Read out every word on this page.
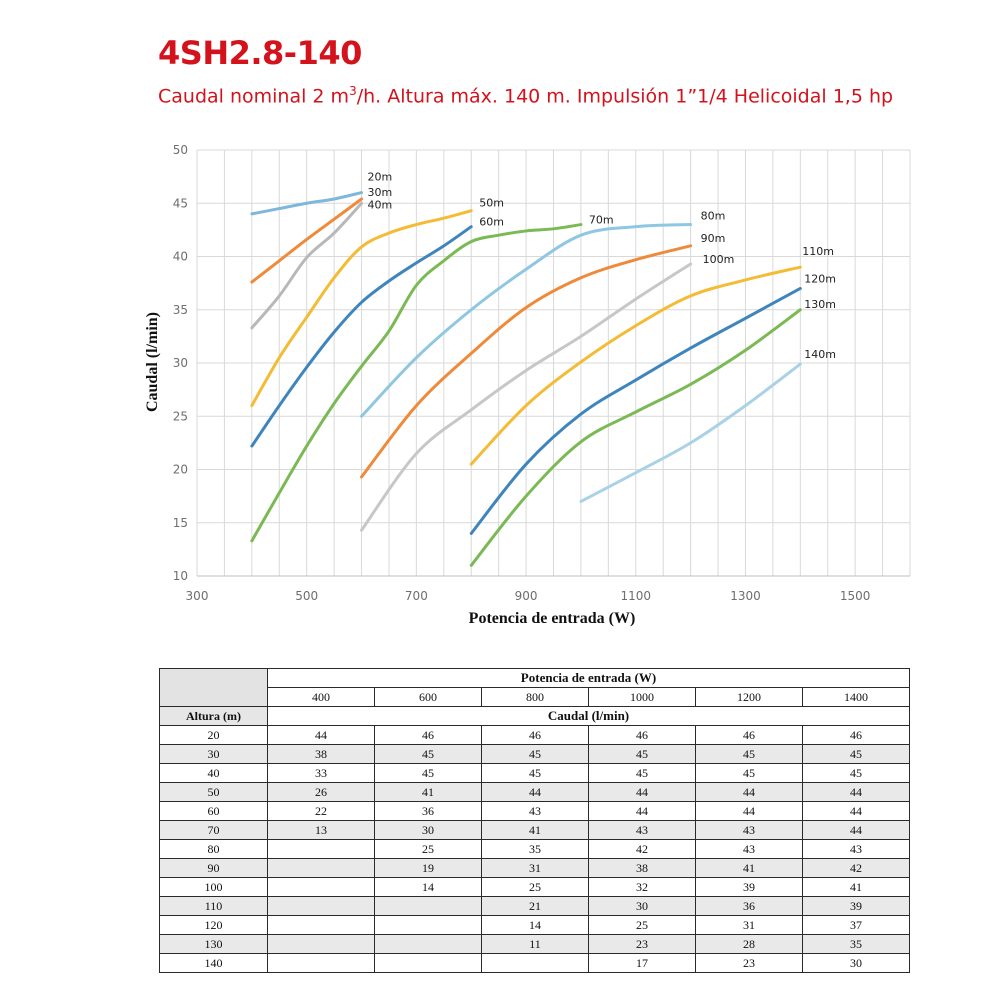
4SH2.8-140
Caudal nominal 2 $m^3/h$. Altura máx. 140 m. Impulsión 1”1/4 Helicoidal 1,5 hp
Potencia de entrada (W)
Caudal (l/min)
300	500	700	900	1100	1300	1500
10
15
20
25
30
35
40
45
50
20m
30m
40m	50m
60m	70m	80m
90m
100m
110m
120m
130m
140m
	Potencia de entrada (W)					
	400	600	800	1000	1200	1400
Altura (m)	Caudal (l/min)					
20	44	46	46	46	46	46
30	38	45	45	45	45	45
40	33	45	45	45	45	45
50	26	41	44	44	44	44
60	22	36	43	44	44	44
70	13	30	41	43	43	44
80		25	35	42	43	43
90		19	31	38	41	42
100		14	25	32	39	41
110			21	30	36	39
120			14	25	31	37
130			11	23	28	35
140				17	23	30
